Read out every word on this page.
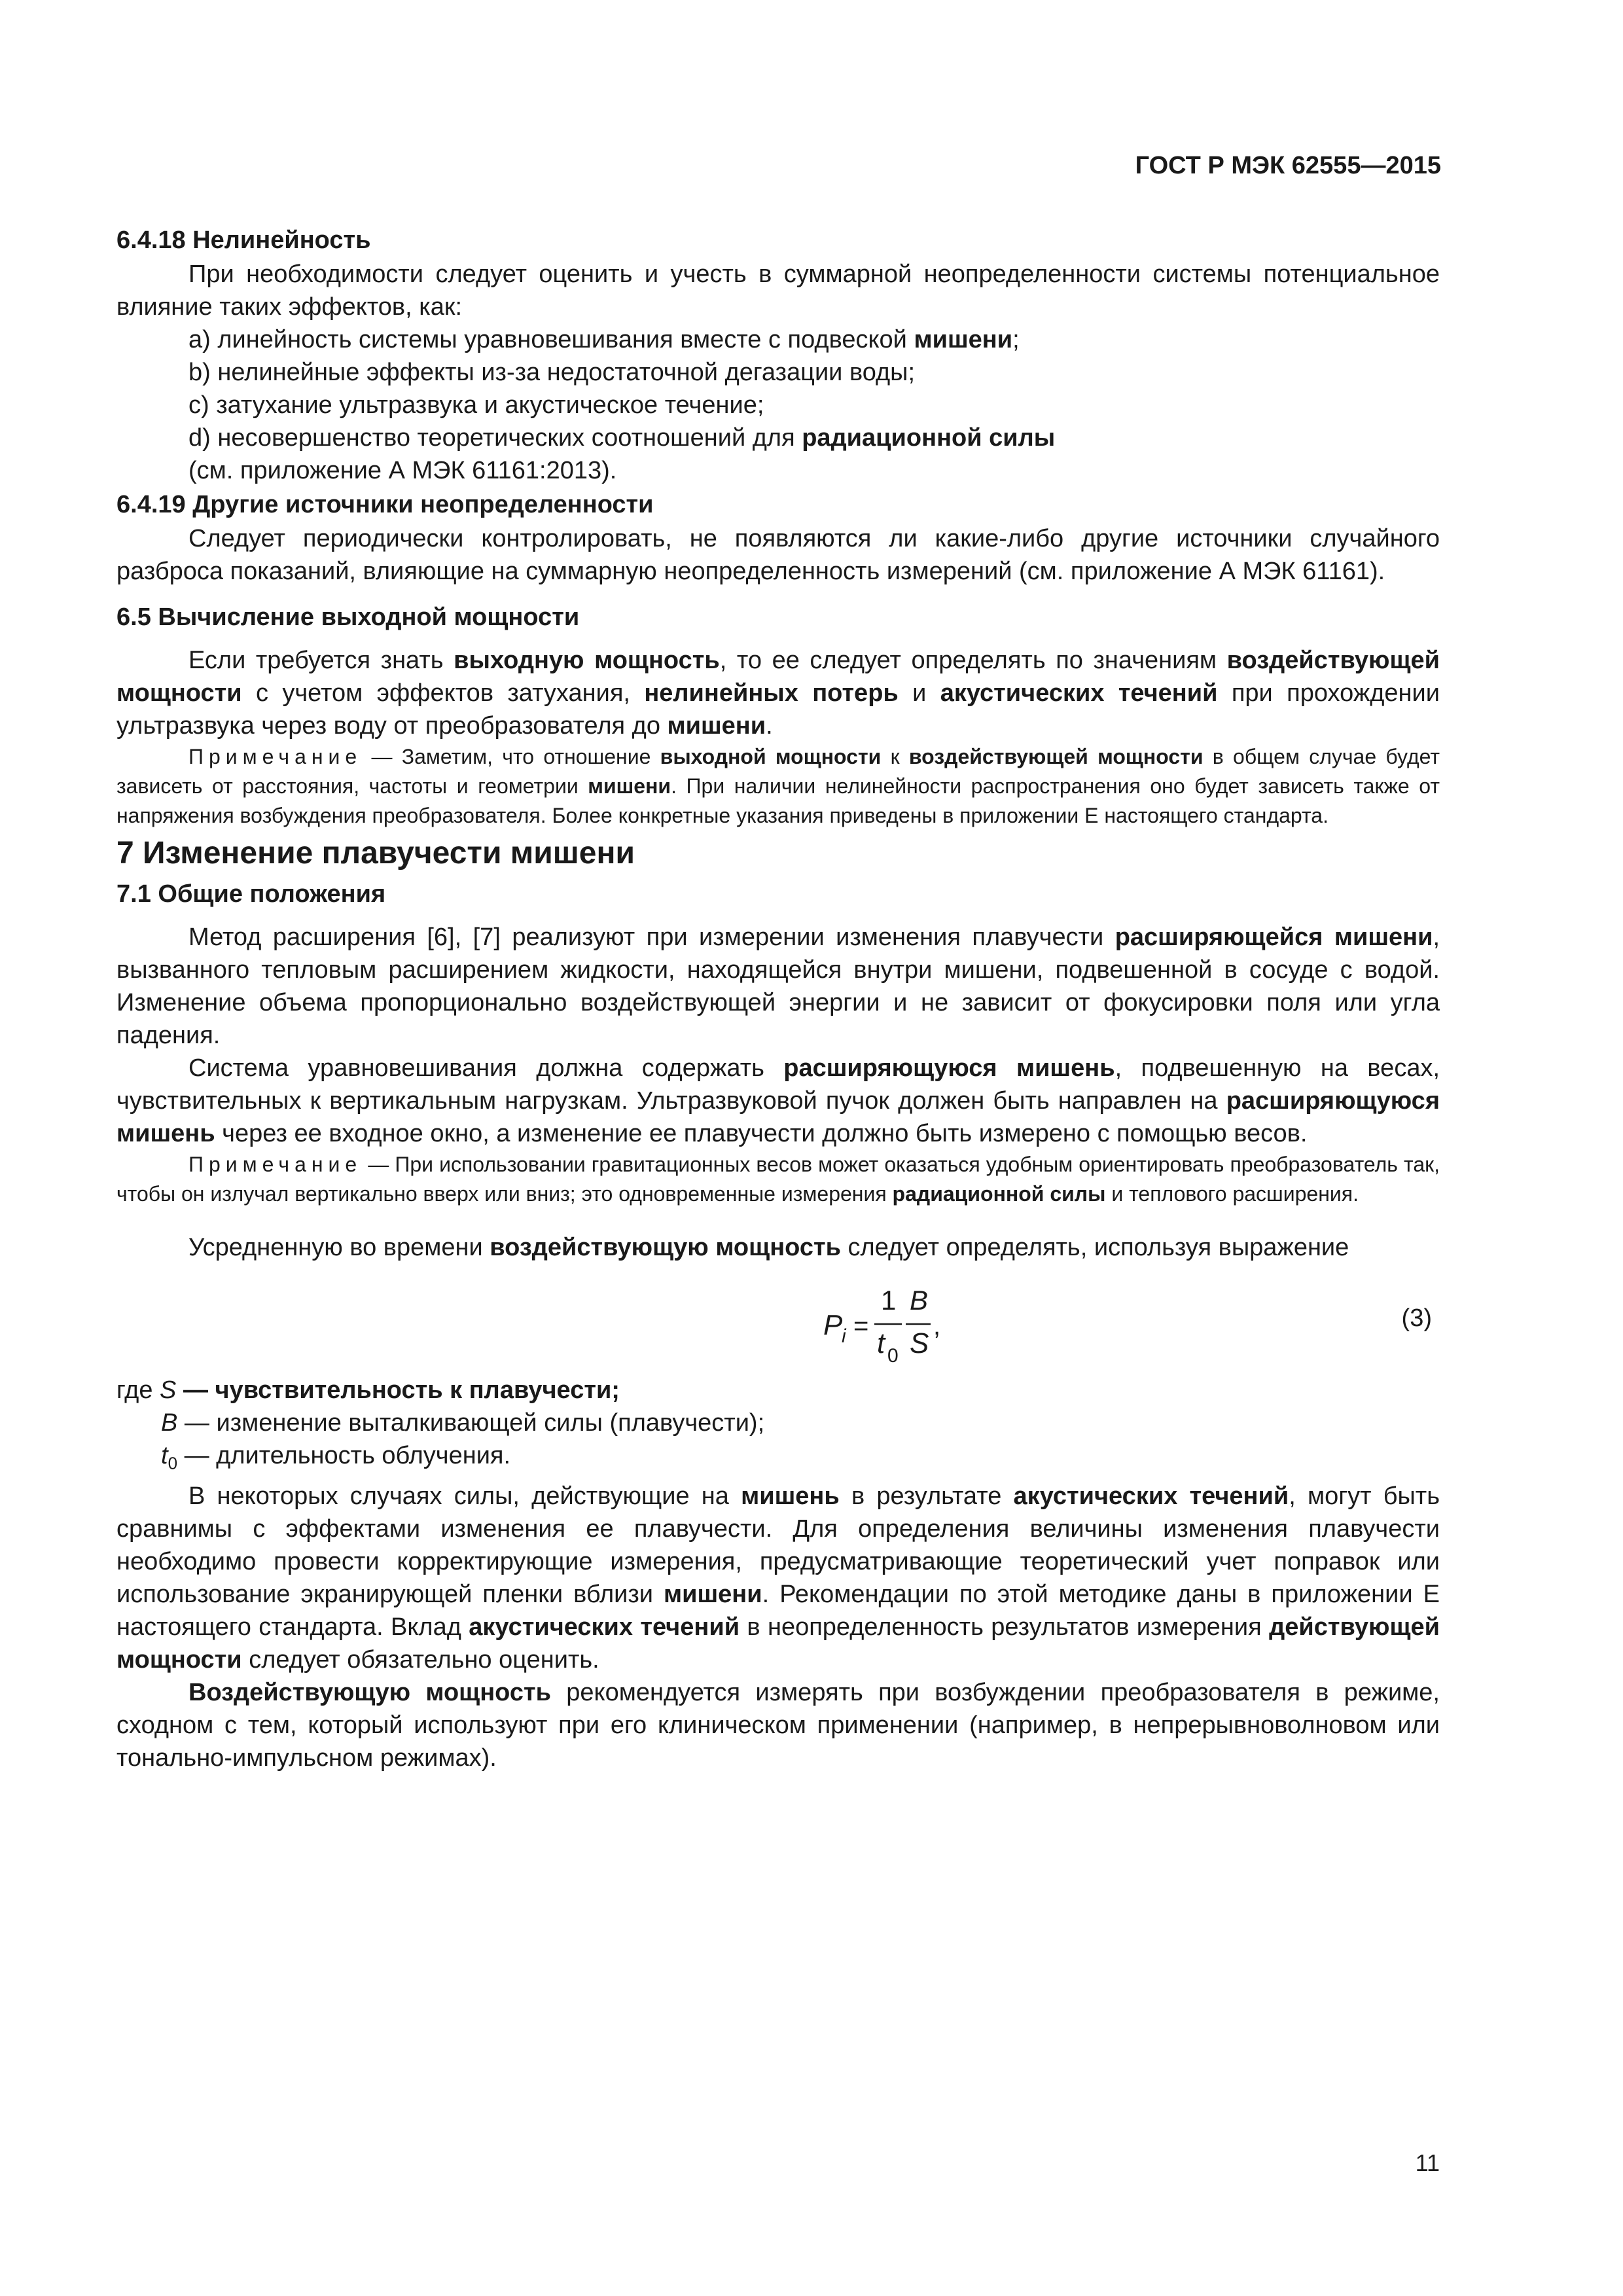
ГОСТ Р МЭК 62555—2015

6.4.18 Нелинейность

При необходимости следует оценить и учесть в суммарной неопределенности системы потенциальное влияние таких эффектов, как:

a) линейность системы уравновешивания вместе с подвеской мишени;

b) нелинейные эффекты из-за недостаточной дегазации воды;

c) затухание ультразвука и акустическое течение;

d) несовершенство теоретических соотношений для радиационной силы

(см. приложение А МЭК 61161:2013).

6.4.19 Другие источники неопределенности

Следует периодически контролировать, не появляются ли какие-либо другие источники случайного разброса показаний, влияющие на суммарную неопределенность измерений (см. приложение А МЭК 61161).

6.5 Вычисление выходной мощности

Если требуется знать выходную мощность, то ее следует определять по значениям воздействующей мощности с учетом эффектов затухания, нелинейных потерь и акустических течений при прохождении ультразвука через воду от преобразователя до мишени.

Примечание — Заметим, что отношение выходной мощности к воздействующей мощности в общем случае будет зависеть от расстояния, частоты и геометрии мишени. При наличии нелинейности распространения оно будет зависеть также от напряжения возбуждения преобразователя. Более конкретные указания приведены в приложении E настоящего стандарта.

7 Изменение плавучести мишени

7.1 Общие положения

Метод расширения [6], [7] реализуют при измерении изменения плавучести расширяющейся мишени, вызванного тепловым расширением жидкости, находящейся внутри мишени, подвешенной в сосуде с водой. Изменение объема пропорционально воздействующей энергии и не зависит от фокусировки поля или угла падения.

Система уравновешивания должна содержать расширяющуюся мишень, подвешенную на весах, чувствительных к вертикальным нагрузкам. Ультразвуковой пучок должен быть направлен на расширяющуюся мишень через ее входное окно, а изменение ее плавучести должно быть измерено с помощью весов.

Примечание — При использовании гравитационных весов может оказаться удобным ориентировать преобразователь так, чтобы он излучал вертикально вверх или вниз; это одновременные измерения радиационной силы и теплового расширения.

Усредненную во времени воздействующую мощность следует определять, используя выражение

P
i =
1
t 0
B
S
,	(3)

где S — чувствительность к плавучести;

B — изменение выталкивающей силы (плавучести);

$t_0$ — длительность облучения.

В некоторых случаях силы, действующие на мишень в результате акустических течений, могут быть сравнимы с эффектами изменения ее плавучести. Для определения величины изменения плавучести необходимо провести корректирующие измерения, предусматривающие теоретический учет поправок или использование экранирующей пленки вблизи мишени. Рекомендации по этой методике даны в приложении E настоящего стандарта. Вклад акустических течений в неопределенность результатов измерения действующей мощности следует обязательно оценить.

Воздействующую мощность рекомендуется измерять при возбуждении преобразователя в режиме, сходном с тем, который используют при его клиническом применении (например, в непрерывноволновом или тонально-импульсном режимах).

11
